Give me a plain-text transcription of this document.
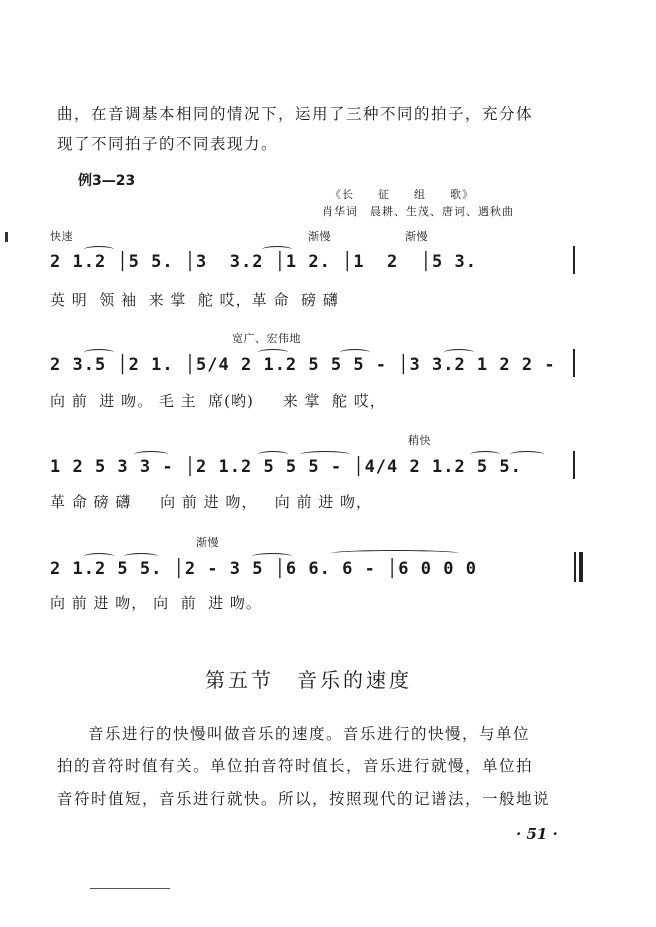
曲，在音调基本相同的情况下，运用了三种不同的拍子，充分体
现了不同拍子的不同表现力。
例3—23
《长　　征　　组　　歌》
肖华词　晨耕、生茂、唐诃、遇秋曲
快速	渐慢	渐慢
2 1.2 │5 5. │3  3.2 │1 2. │1  2  │5 3.
英 明  领 袖  来 掌  舵 哎，革 命  磅 礴
宽广、宏伟地
2 3.5 │2 1. │5/4 2 1.2 5 5 5 - │3 3.2 1 2 2 -
向 前  进 吻。 毛 主  席(哟)     来 掌  舵 哎，
稍快
1 2 5 3 3 - │2 1.2 5 5 5 - │4/4 2 1.2 5 5.
革 命 磅 礴     向 前 进 吻，   向 前 进 吻，
渐慢
2 1.2 5 5. │2 - 3 5 │6 6. 6 - │6 0 0 0
向 前 进 吻， 向  前  进 吻。
第五节　音乐的速度
音乐进行的快慢叫做音乐的速度。音乐进行的快慢，与单位
拍的音符时值有关。单位拍音符时值长，音乐进行就慢，单位拍
音符时值短，音乐进行就快。所以，按照现代的记谱法，一般地说
· 51 ·
